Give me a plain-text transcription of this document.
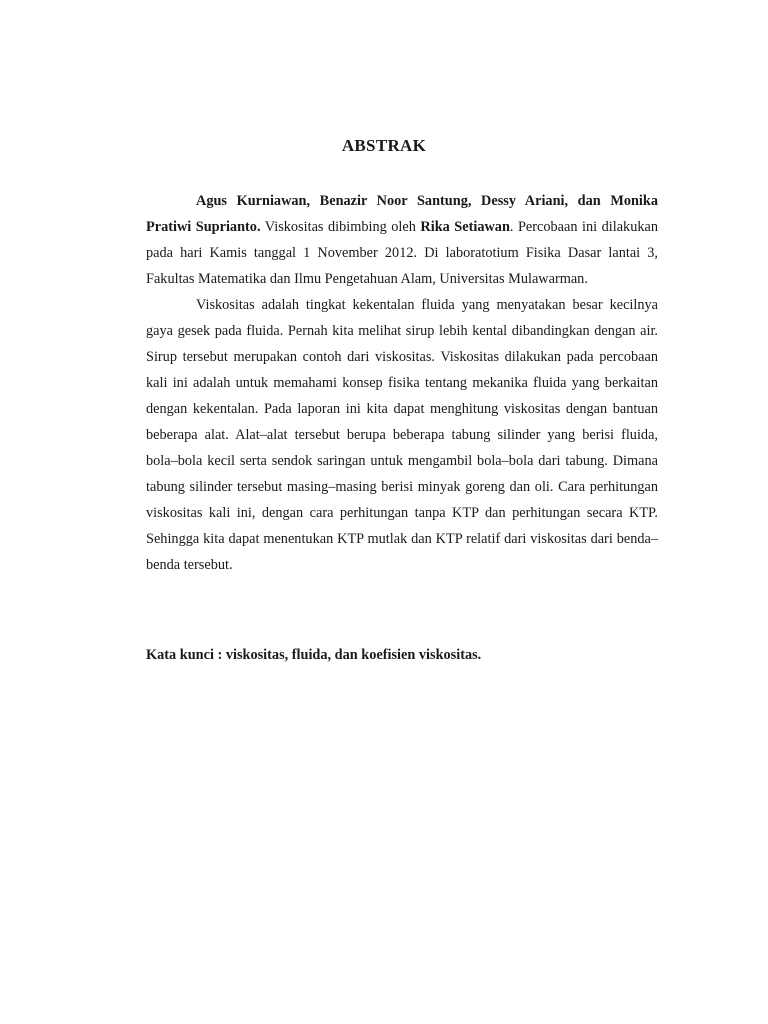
ABSTRAK

Agus Kurniawan, Benazir Noor Santung, Dessy Ariani, dan Monika Pratiwi Suprianto. Viskositas dibimbing oleh Rika Setiawan. Percobaan ini dilakukan pada hari Kamis tanggal 1 November 2012. Di laboratotium Fisika Dasar lantai 3, Fakultas Matematika dan Ilmu Pengetahuan Alam, Universitas Mulawarman.

Viskositas adalah tingkat kekentalan fluida yang menyatakan besar kecilnya gaya gesek pada fluida. Pernah kita melihat sirup lebih kental dibandingkan dengan air. Sirup tersebut merupakan contoh dari viskositas. Viskositas dilakukan pada percobaan kali ini adalah untuk memahami konsep fisika tentang mekanika fluida yang berkaitan dengan kekentalan. Pada laporan ini kita dapat menghitung viskositas dengan bantuan beberapa alat. Alat–alat tersebut berupa beberapa tabung silinder yang berisi fluida, bola–bola kecil serta sendok saringan untuk mengambil bola–bola dari tabung. Dimana tabung silinder tersebut masing–masing berisi minyak goreng dan oli. Cara perhitungan viskositas kali ini, dengan cara perhitungan tanpa KTP dan perhitungan secara KTP. Sehingga kita dapat menentukan KTP mutlak dan KTP relatif dari viskositas dari benda–benda tersebut.

Kata kunci : viskositas, fluida, dan koefisien viskositas.
